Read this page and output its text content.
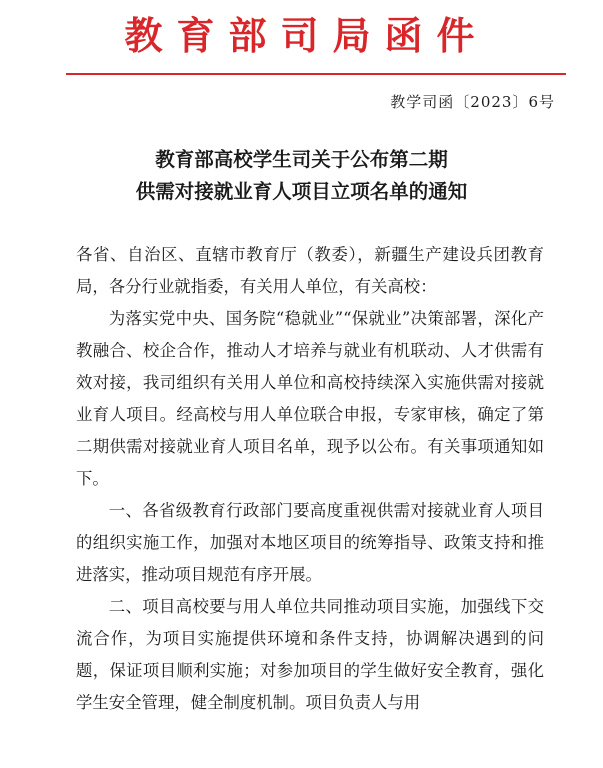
教育部司局函件
教学司函〔2023〕6号
教育部高校学生司关于公布第二期
供需对接就业育人项目立项名单的通知

各省、自治区、直辖市教育厅（教委），新疆生产建设兵团教育局，各分行业就指委，有关用人单位，有关高校：

为落实党中央、国务院“稳就业”“保就业”决策部署，深化产教融合、校企合作，推动人才培养与就业有机联动、人才供需有效对接，我司组织有关用人单位和高校持续深入实施供需对接就业育人项目。经高校与用人单位联合申报，专家审核，确定了第二期供需对接就业育人项目名单，现予以公布。有关事项通知如下。

一、各省级教育行政部门要高度重视供需对接就业育人项目的组织实施工作，加强对本地区项目的统筹指导、政策支持和推进落实，推动项目规范有序开展。

二、项目高校要与用人单位共同推动项目实施，加强线下交流合作，为项目实施提供环境和条件支持，协调解决遇到的问题，保证项目顺利实施；对参加项目的学生做好安全教育，强化学生安全管理，健全制度机制。项目负责人与用
